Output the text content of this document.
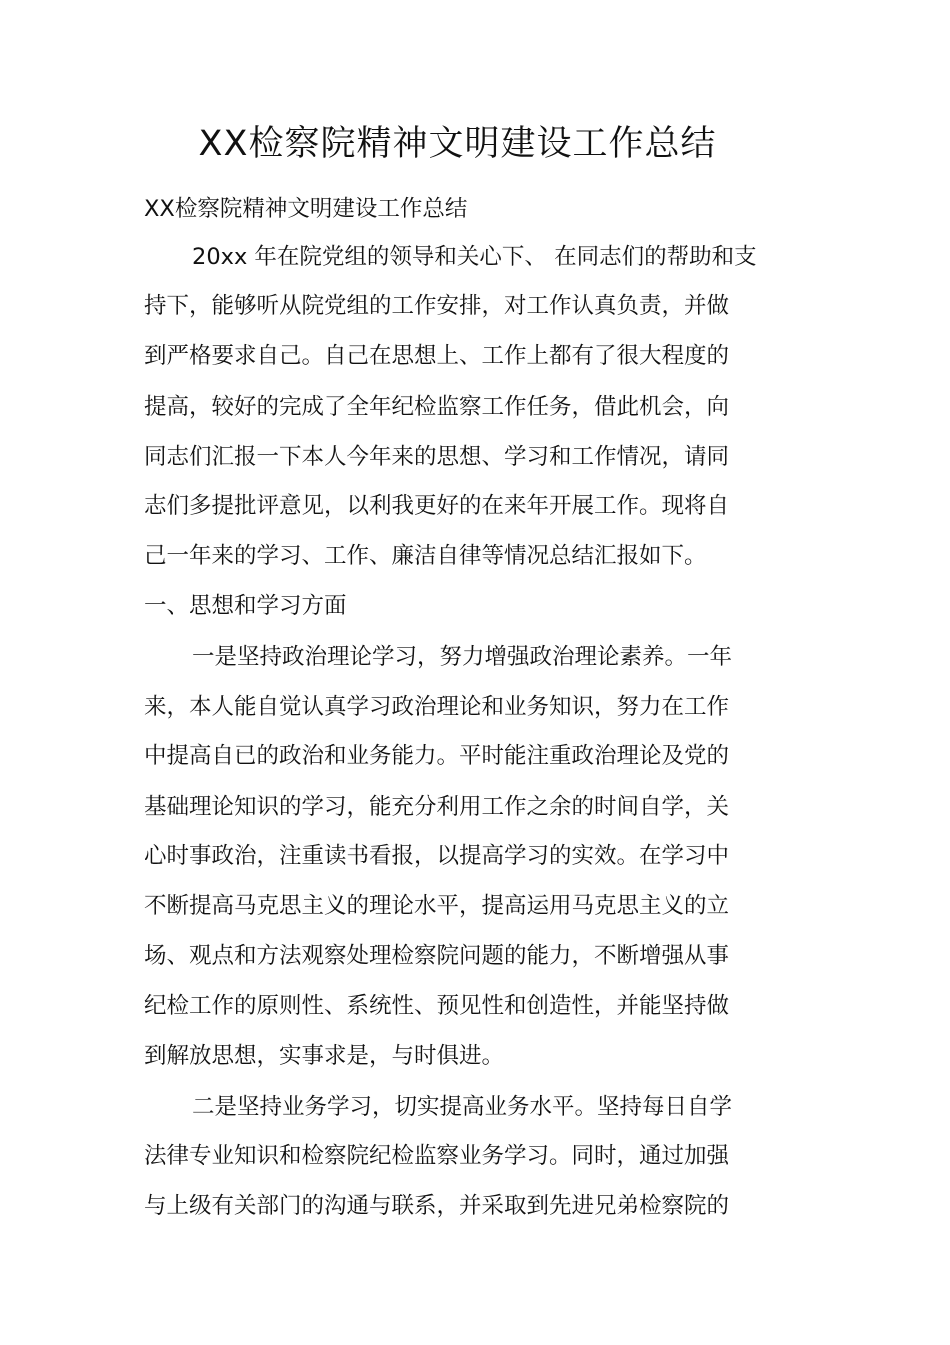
XX检察院精神文明建设工作总结

XX检察院精神文明建设工作总结

20xx 年在院党组的领导和关心下、 在同志们的帮助和支

持下，能够听从院党组的工作安排，对工作认真负责，并做

到严格要求自己。自己在思想上、工作上都有了很大程度的

提高，较好的完成了全年纪检监察工作任务，借此机会，向

同志们汇报一下本人今年来的思想、学习和工作情况，请同

志们多提批评意见，以利我更好的在来年开展工作。现将自

己一年来的学习、工作、廉洁自律等情况总结汇报如下。

一、思想和学习方面

一是坚持政治理论学习，努力增强政治理论素养。一年

来，本人能自觉认真学习政治理论和业务知识，努力在工作

中提高自已的政治和业务能力。平时能注重政治理论及党的

基础理论知识的学习，能充分利用工作之余的时间自学，关

心时事政治，注重读书看报，以提高学习的实效。在学习中

不断提高马克思主义的理论水平，提高运用马克思主义的立

场、观点和方法观察处理检察院问题的能力，不断增强从事

纪检工作的原则性、系统性、预见性和创造性，并能坚持做

到解放思想，实事求是，与时俱进。

二是坚持业务学习，切实提高业务水平。坚持每日自学

法律专业知识和检察院纪检监察业务学习。同时，通过加强

与上级有关部门的沟通与联系，并采取到先进兄弟检察院的
